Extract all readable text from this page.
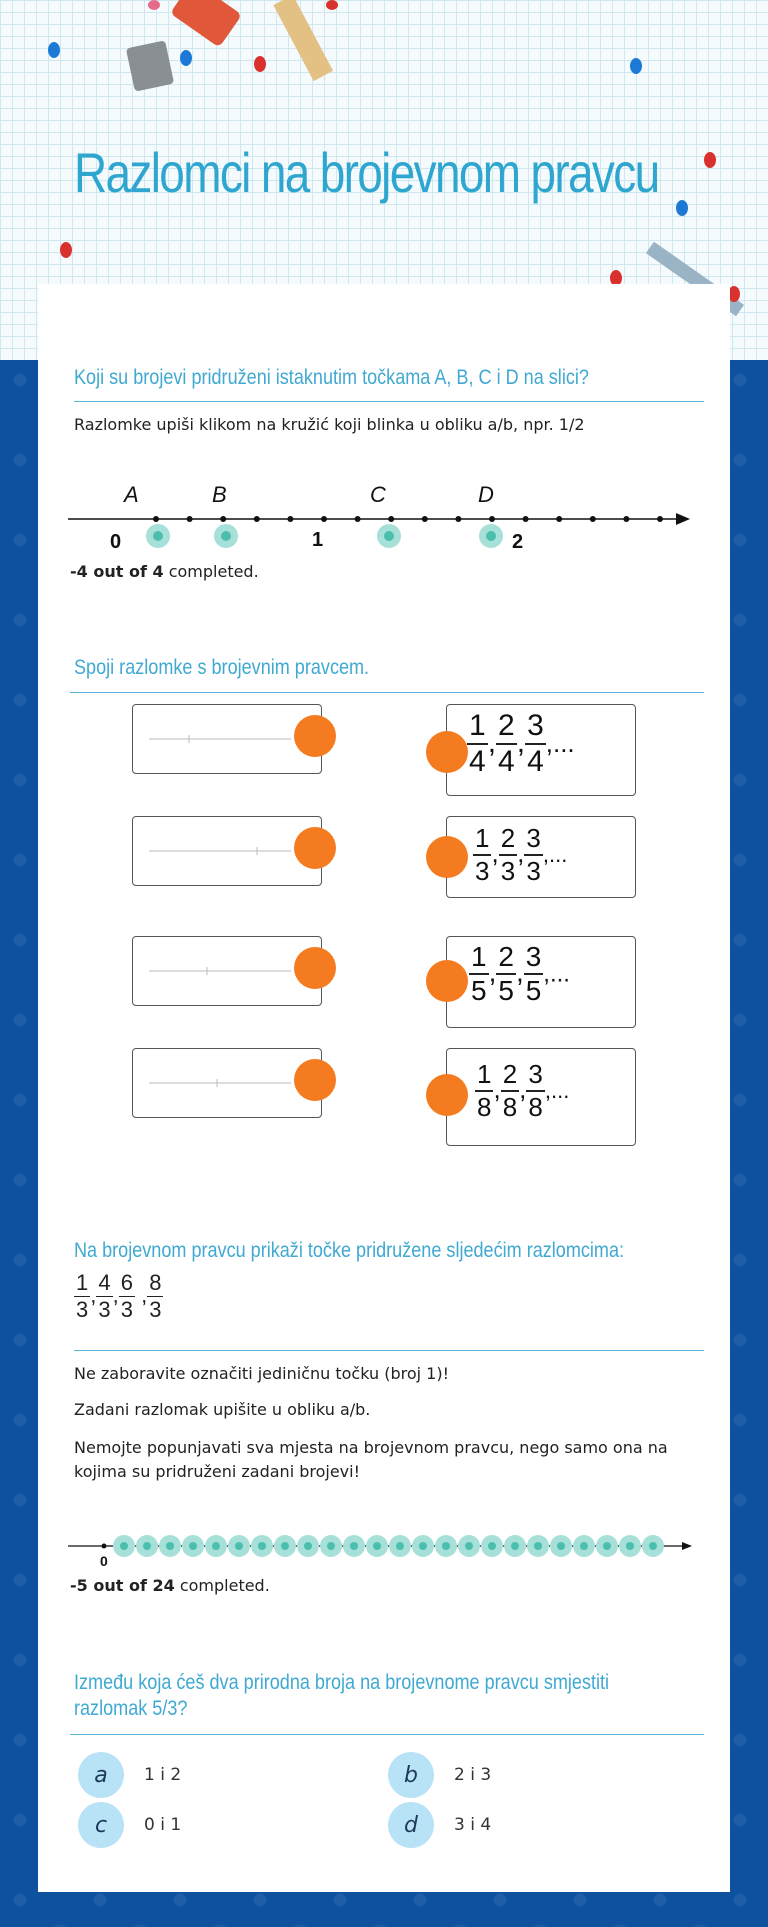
Razlomci na brojevnom pravcu
Koji su brojevi pridruženi istaknutim točkama A, B, C i D na slici?
Razlomke upiši klikom na kružić koji blinka u obliku a/b, npr. 1/2
A	B	C	D
0	1	2
-4 out of 4 completed.
Spoji razlomke s brojevnim pravcem.
$\frac{1}{4}$ , $\frac{2}{4}$ , $\frac{3}{4}$ ,...
$\frac{1}{3}$ , $\frac{2}{3}$ , $\frac{3}{3}$ ,...
$\frac{1}{5}$ , $\frac{2}{5}$ , $\frac{3}{5}$ ,...
$\frac{1}{8}$ , $\frac{2}{8}$ , $\frac{3}{8}$ ,...
Na brojevnom pravcu prikaži točke pridružene sljedećim razlomcima:
$\frac{1}{3}$ , $\frac{4}{3}$ , $\frac{6}{3}$ , $\frac{8}{3}$
Ne zaboravite označiti jediničnu točku (broj 1)!
Zadani razlomak upišite u obliku a/b.
Nemojte popunjavati sva mjesta na brojevnom pravcu, nego samo ona na kojima su pridruženi zadani brojevi!
0
-5 out of 24 completed.
Između koja ćeš dva prirodna broja na brojevnome pravcu smjestiti razlomak 5/3?
a	1 i 2	b	2 i 3
c	0 i 1	d	3 i 4
